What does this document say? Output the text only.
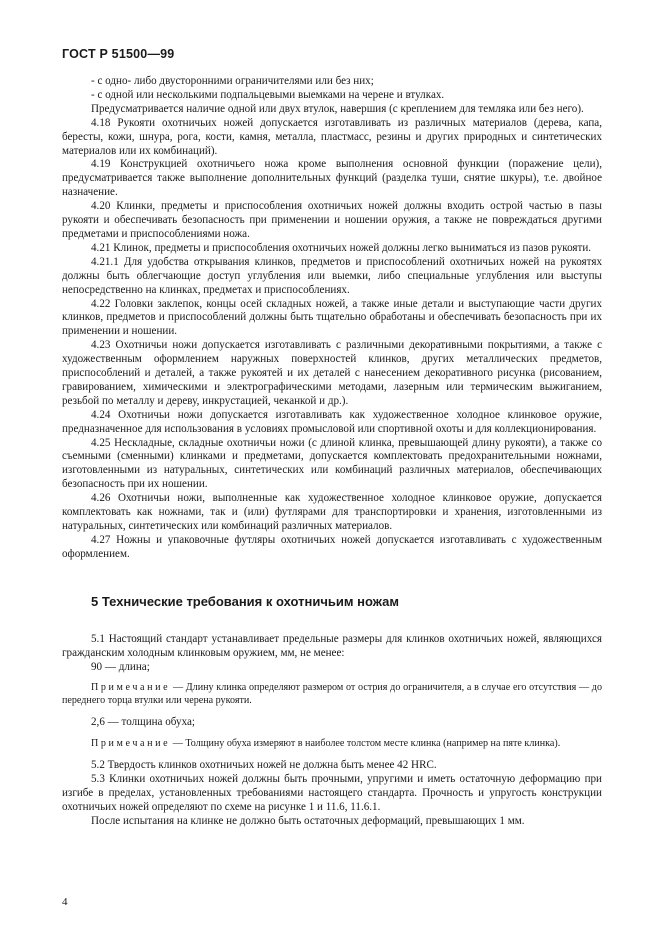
ГОСТ Р 51500—99

- с одно- либо двусторонними ограничителями или без них;

- с одной или несколькими подпальцевыми выемками на черене и втулках.

Предусматривается наличие одной или двух втулок, навершия (с креплением для темляка или без него).

4.18 Рукояти охотничьих ножей допускается изготавливать из различных материалов (дерева, капа, бересты, кожи, шнура, рога, кости, камня, металла, пластмасс, резины и других природных и синтетических материалов или их комбинаций).

4.19 Конструкцией охотничьего ножа кроме выполнения основной функции (поражение цели), предусматривается также выполнение дополнительных функций (разделка туши, снятие шкуры), т.е. двойное назначение.

4.20 Клинки, предметы и приспособления охотничьих ножей должны входить острой частью в пазы рукояти и обеспечивать безопасность при применении и ношении оружия, а также не повреждаться другими предметами и приспособлениями ножа.

4.21 Клинок, предметы и приспособления охотничьих ножей должны легко выниматься из пазов рукояти.

4.21.1 Для удобства открывания клинков, предметов и приспособлений охотничьих ножей на рукоятях должны быть облегчающие доступ углубления или выемки, либо специальные углубления или выступы непосредственно на клинках, предметах и приспособлениях.

4.22 Головки заклепок, концы осей складных ножей, а также иные детали и выступающие части других клинков, предметов и приспособлений должны быть тщательно обработаны и обеспечивать безопасность при их применении и ношении.

4.23 Охотничьи ножи допускается изготавливать с различными декоративными покрытиями, а также с художественным оформлением наружных поверхностей клинков, других металлических предметов, приспособлений и деталей, а также рукоятей и их деталей с нанесением декоративного рисунка (рисованием, гравированием, химическими и электрографическими методами, лазерным или термическим выжиганием, резьбой по металлу и дереву, инкрустацией, чеканкой и др.).

4.24 Охотничьи ножи допускается изготавливать как художественное холодное клинковое оружие, предназначенное для использования в условиях промысловой или спортивной охоты и для коллекционирования.

4.25 Нескладные, складные охотничьи ножи (с длиной клинка, превышающей длину рукояти), а также со съемными (сменными) клинками и предметами, допускается комплектовать предохранительными ножнами, изготовленными из натуральных, синтетических или комбинаций различных материалов, обеспечивающих безопасность при их ношении.

4.26 Охотничьи ножи, выполненные как художественное холодное клинковое оружие, допускается комплектовать как ножнами, так и (или) футлярами для транспортировки и хранения, изготовленными из натуральных, синтетических или комбинаций различных материалов.

4.27 Ножны и упаковочные футляры охотничьих ножей допускается изготавливать с художественным оформлением.

5 Технические требования к охотничьим ножам

5.1 Настоящий стандарт устанавливает предельные размеры для клинков охотничьих ножей, являющихся гражданским холодным клинковым оружием, мм, не менее:

90 — длина;

Примечание — Длину клинка определяют размером от острия до ограничителя, а в случае его отсутствия — до переднего торца втулки или черена рукояти.

2,6 — толщина обуха;

Примечание — Толщину обуха измеряют в наиболее толстом месте клинка (например на пяте клинка).

5.2 Твердость клинков охотничьих ножей не должна быть менее 42 HRC.

5.3 Клинки охотничьих ножей должны быть прочными, упругими и иметь остаточную деформацию при изгибе в пределах, установленных требованиями настоящего стандарта. Прочность и упругость конструкции охотничьих ножей определяют по схеме на рисунке 1 и 11.6, 11.6.1.

После испытания на клинке не должно быть остаточных деформаций, превышающих 1 мм.

4
